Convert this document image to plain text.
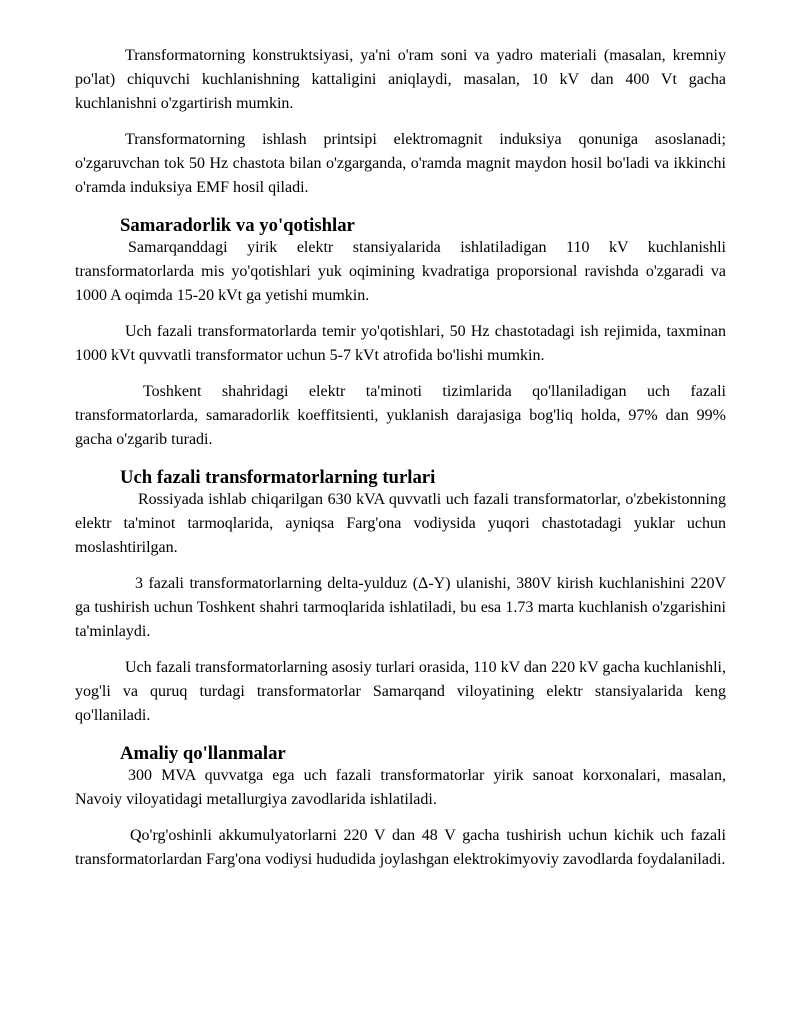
Transformatorning konstruktsiyasi, ya'ni o'ram soni va yadro materiali (masalan, kremniy po'lat) chiquvchi kuchlanishning kattaligini aniqlaydi, masalan, 10 kV dan 400 Vt gacha kuchlanishni o'zgartirish mumkin.

Transformatorning ishlash printsipi elektromagnit induksiya qonuniga asoslanadi; o'zgaruvchan tok 50 Hz chastota bilan o'zgarganda, o'ramda magnit maydon hosil bo'ladi va ikkinchi o'ramda induksiya EMF hosil qiladi.

Samaradorlik va yo'qotishlar

Samarqanddagi yirik elektr stansiyalarida ishlatiladigan 110 kV kuchlanishli transformatorlarda mis yo'qotishlari yuk oqimining kvadratiga proporsional ravishda o'zgaradi va 1000 A oqimda 15-20 kVt ga yetishi mumkin.

Uch fazali transformatorlarda temir yo'qotishlari, 50 Hz chastotadagi ish rejimida, taxminan 1000 kVt quvvatli transformator uchun 5-7 kVt atrofida bo'lishi mumkin.

Toshkent shahridagi elektr ta'minoti tizimlarida qo'llaniladigan uch fazali transformatorlarda, samaradorlik koeffitsienti, yuklanish darajasiga bog'liq holda, 97% dan 99% gacha o'zgarib turadi.

Uch fazali transformatorlarning turlari

Rossiyada ishlab chiqarilgan 630 kVA quvvatli uch fazali transformatorlar, o'zbekistonning elektr ta'minot tarmoqlarida, ayniqsa Farg'ona vodiysida yuqori chastotadagi yuklar uchun moslashtirilgan.

3 fazali transformatorlarning delta-yulduz (Δ-Y) ulanishi, 380V kirish kuchlanishini 220V ga tushirish uchun Toshkent shahri tarmoqlarida ishlatiladi, bu esa 1.73 marta kuchlanish o'zgarishini ta'minlaydi.

Uch fazali transformatorlarning asosiy turlari orasida, 110 kV dan 220 kV gacha kuchlanishli, yog'li va quruq turdagi transformatorlar Samarqand viloyatining elektr stansiyalarida keng qo'llaniladi.

Amaliy qo'llanmalar

300 MVA quvvatga ega uch fazali transformatorlar yirik sanoat korxonalari, masalan, Navoiy viloyatidagi metallurgiya zavodlarida ishlatiladi.

Qo'rg'oshinli akkumulyatorlarni 220 V dan 48 V gacha tushirish uchun kichik uch fazali transformatorlardan Farg'ona vodiysi hududida joylashgan elektrokimyoviy zavodlarda foydalaniladi.
